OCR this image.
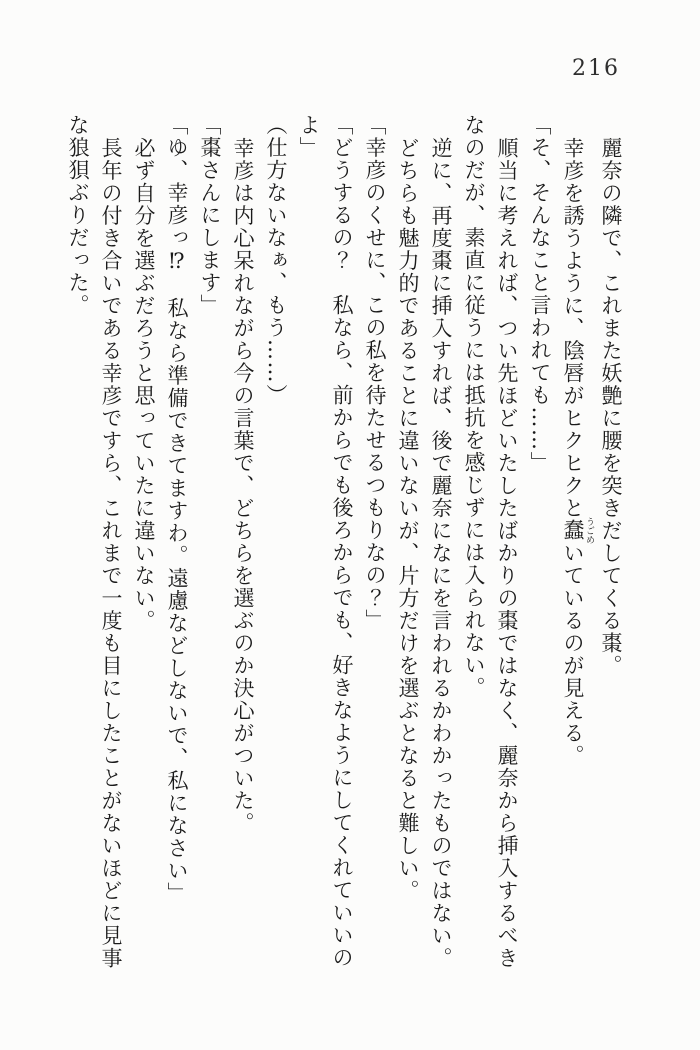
216

麗奈の隣で、これまた妖艶に腰を突きだしてくる棗。

幸彦を誘うように、陰唇がヒクヒクと蠢 うごめいているのが見える。

「そ、そんなこと言われても……」

順当に考えれば、つい先ほどいたしたばかりの棗ではなく、麗奈から挿入するべき

なのだが、素直に従うには抵抗を感じずには入られない。

逆に、再度棗に挿入すれば、後で麗奈になにを言われるかわかったものではない。

どちらも魅力的であることに違いないが、片方だけを選ぶとなると難しい。

「幸彦のくせに、この私を待たせるつもりなの？」

「どうするの？　私なら、前からでも後ろからでも、好きなようにしてくれていいの

よ」

（仕方ないなぁ、もう……）

幸彦は内心呆れながら今の言葉で、どちらを選ぶのか決心がついた。

「棗さんにします」

「ゆ、幸彦っ⁉　私なら準備できてますわ。遠慮などしないで、私になさい」

必ず自分を選ぶだろうと思っていたに違いない。

長年の付き合いである幸彦ですら、これまで一度も目にしたことがないほどに見事

な狼狽ぶりだった。
